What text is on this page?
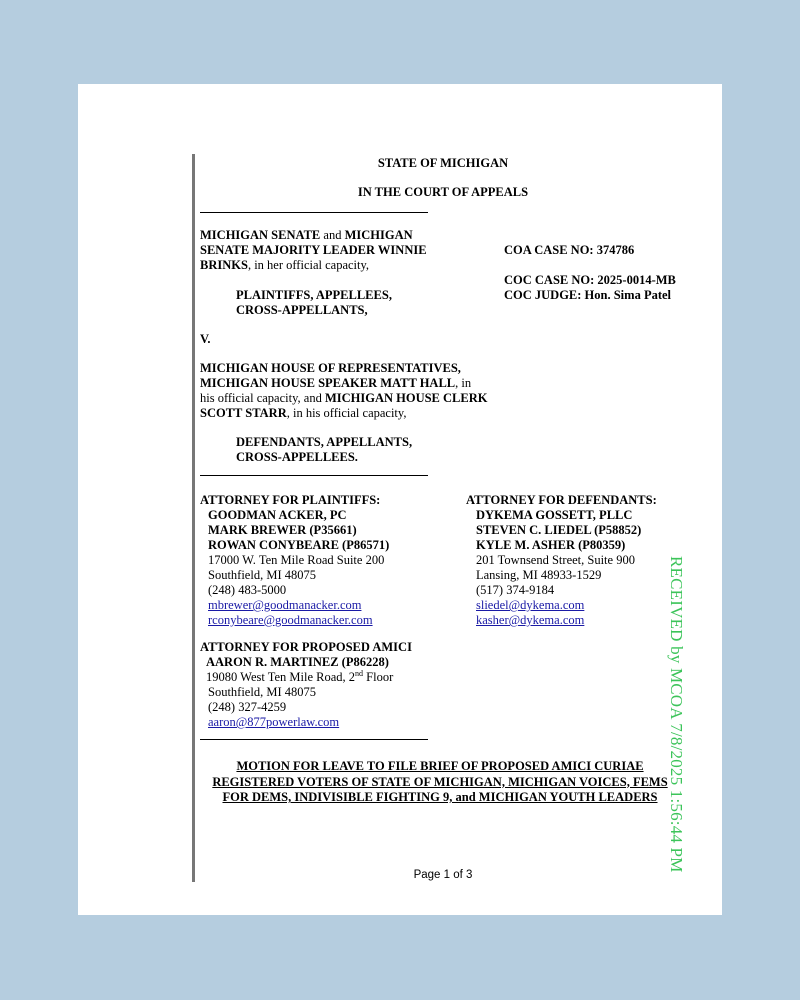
STATE OF MICHIGAN
IN THE COURT OF APPEALS
MICHIGAN SENATE and MICHIGAN
SENATE MAJORITY LEADER WINNIE
BRINKS, in her official capacity,
PLAINTIFFS, APPELLEES,
CROSS-APPELLANTS,
COA CASE NO: 374786
COC CASE NO: 2025-0014-MB
COC JUDGE: Hon. Sima Patel
V.
MICHIGAN HOUSE OF REPRESENTATIVES,
MICHIGAN HOUSE SPEAKER MATT HALL, in
his official capacity, and MICHIGAN HOUSE CLERK
SCOTT STARR, in his official capacity,
DEFENDANTS, APPELLANTS,
CROSS-APPELLEES.
ATTORNEY FOR PLAINTIFFS:
GOODMAN ACKER, PC
MARK BREWER (P35661)
ROWAN CONYBEARE (P86571)
17000 W. Ten Mile Road Suite 200
Southfield, MI 48075
(248) 483-5000
mbrewer@goodmanacker.com
rconybeare@goodmanacker.com
ATTORNEY FOR DEFENDANTS:
DYKEMA GOSSETT, PLLC
STEVEN C. LIEDEL (P58852)
KYLE M. ASHER (P80359)
201 Townsend Street, Suite 900
Lansing, MI 48933-1529
(517) 374-9184
sliedel@dykema.com
kasher@dykema.com
ATTORNEY FOR PROPOSED AMICI
AARON R. MARTINEZ (P86228)
19080 West Ten Mile Road, 2nd Floor
Southfield, MI 48075
(248) 327-4259
aaron@877powerlaw.com
MOTION FOR LEAVE TO FILE BRIEF OF PROPOSED AMICI CURIAE
REGISTERED VOTERS OF STATE OF MICHIGAN, MICHIGAN VOICES, FEMS
FOR DEMS, INDIVISIBLE FIGHTING 9, and MICHIGAN YOUTH LEADERS
Page 1 of 3
RECEIVED by MCOA 7/8/2025 1:56:44 PM
